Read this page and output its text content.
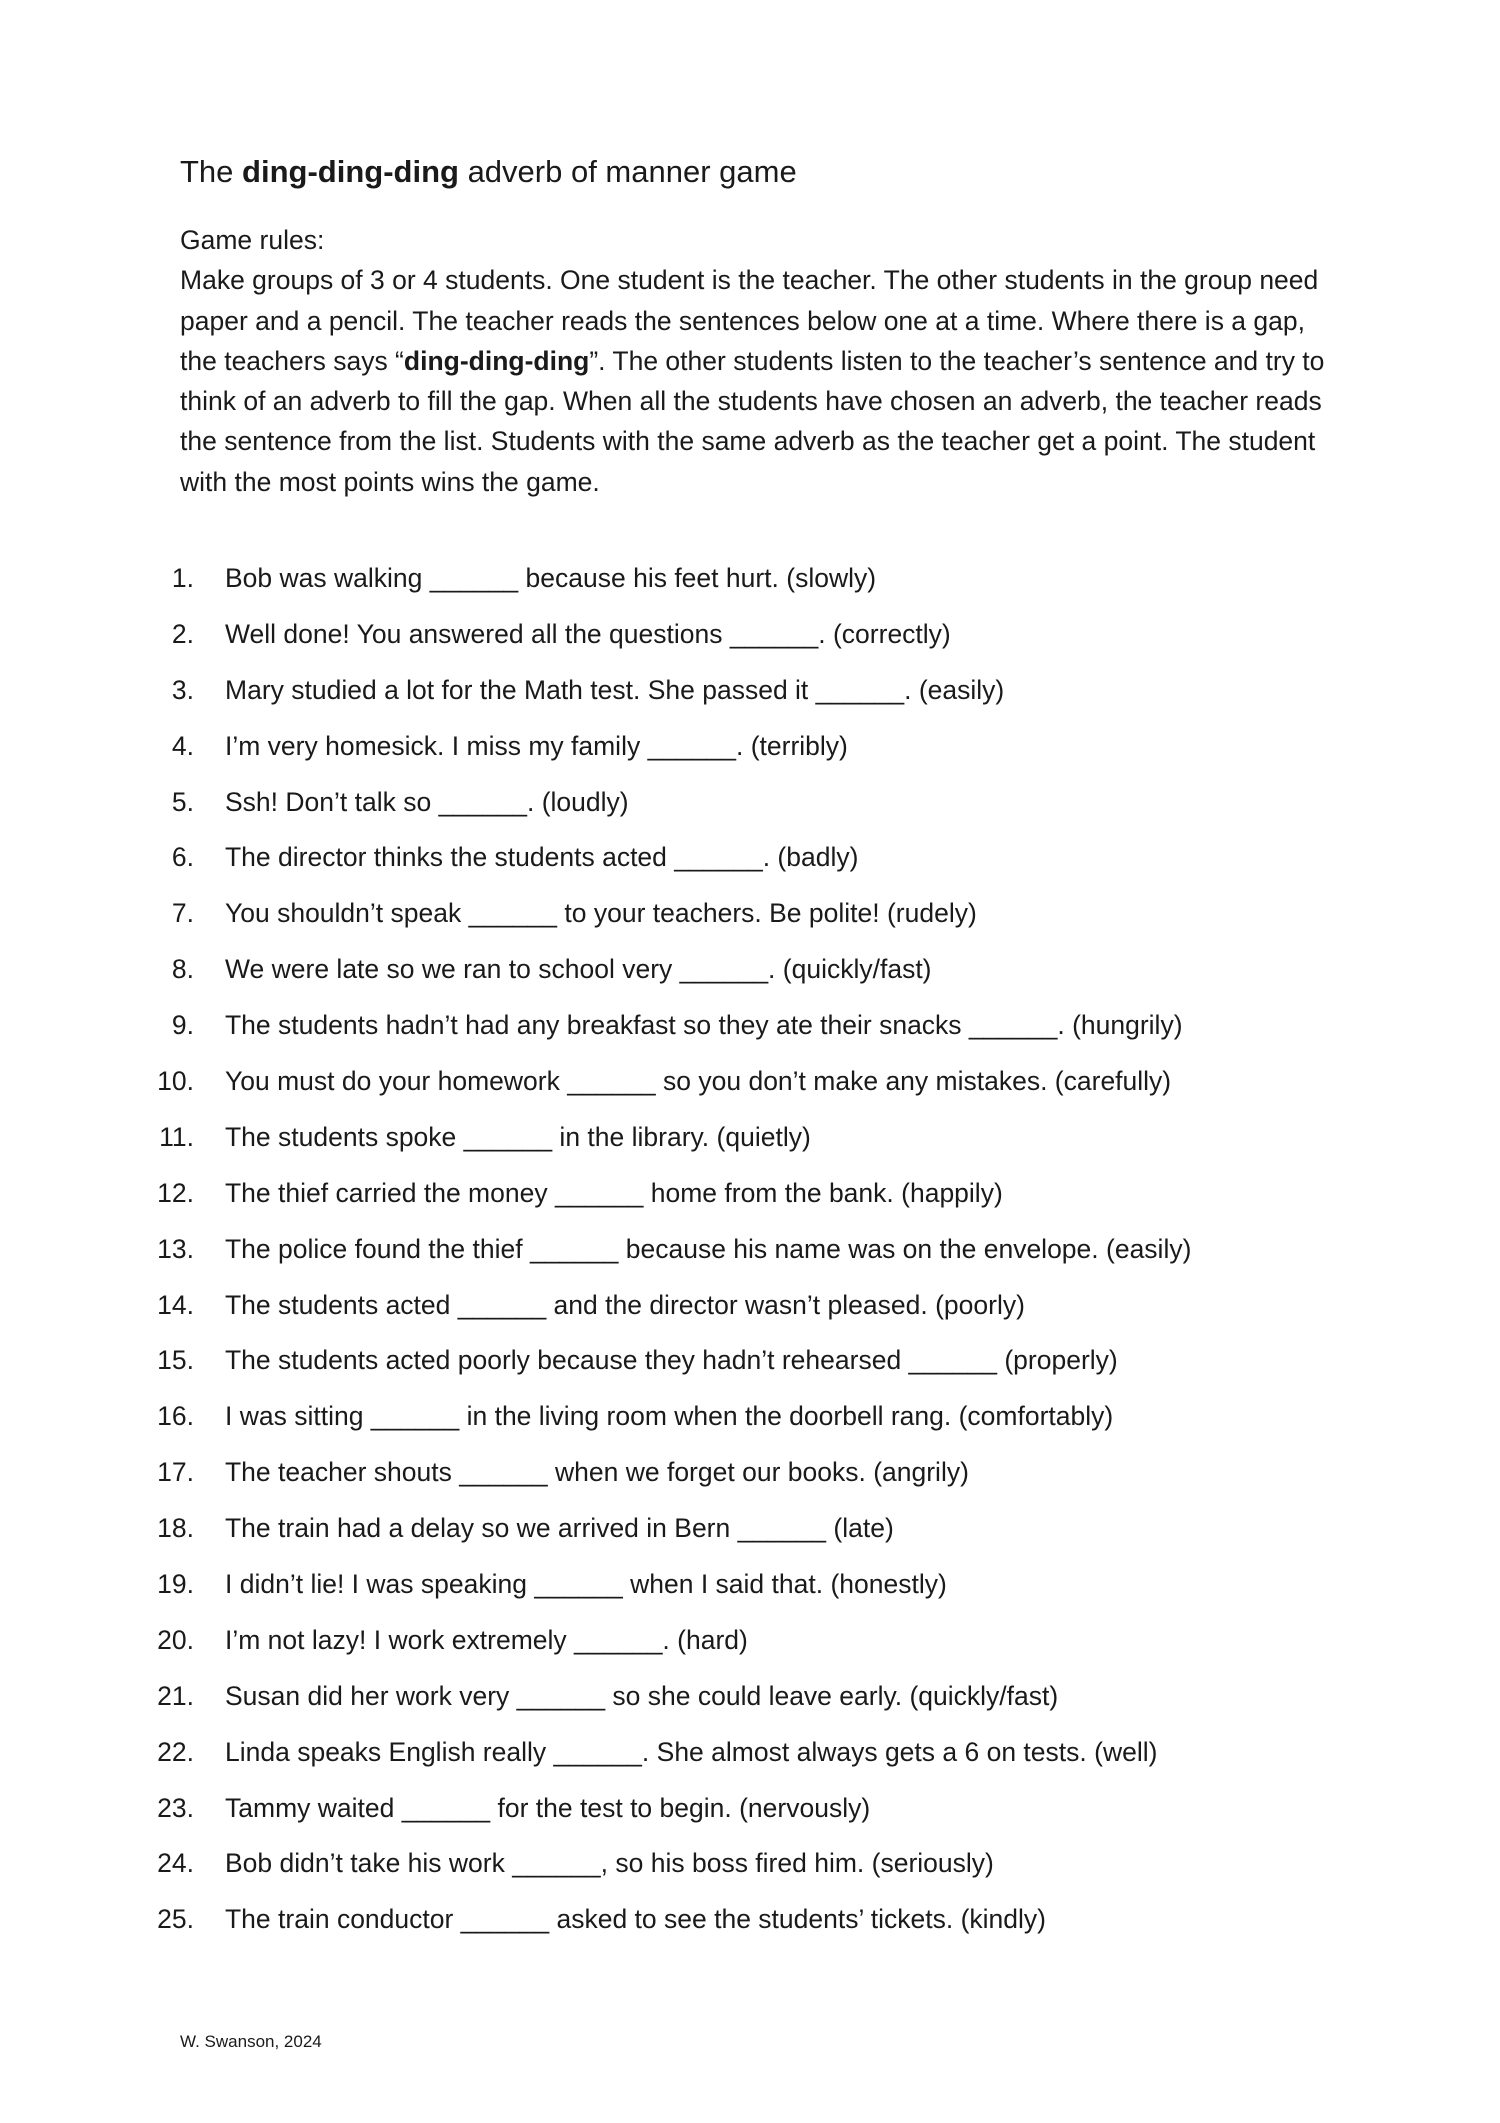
The ding-ding-ding adverb of manner game

Game rules:

Make groups of 3 or 4 students. One student is the teacher. The other students in the group need paper and a pencil. The teacher reads the sentences below one at a time. Where there is a gap, the teachers says “ding-ding-ding”. The other students listen to the teacher’s sentence and try to think of an adverb to fill the gap. When all the students have chosen an adverb, the teacher reads the sentence from the list. Students with the same adverb as the teacher get a point. The student with the most points wins the game.

1. Bob was walking ______ because his feet hurt. (slowly)
2. Well done! You answered all the questions ______. (correctly)
3. Mary studied a lot for the Math test. She passed it ______. (easily)
4. I’m very homesick. I miss my family ______. (terribly)
5. Ssh! Don’t talk so ______. (loudly)
6. The director thinks the students acted ______. (badly)
7. You shouldn’t speak ______ to your teachers. Be polite! (rudely)
8. We were late so we ran to school very ______. (quickly/fast)
9. The students hadn’t had any breakfast so they ate their snacks ______. (hungrily)
10. You must do your homework ______ so you don’t make any mistakes. (carefully)
11. The students spoke ______ in the library. (quietly)
12. The thief carried the money ______ home from the bank. (happily)
13. The police found the thief ______ because his name was on the envelope. (easily)
14. The students acted ______ and the director wasn’t pleased. (poorly)
15. The students acted poorly because they hadn’t rehearsed ______ (properly)
16. I was sitting ______ in the living room when the doorbell rang. (comfortably)
17. The teacher shouts ______ when we forget our books. (angrily)
18. The train had a delay so we arrived in Bern ______ (late)
19. I didn’t lie! I was speaking ______ when I said that. (honestly)
20. I’m not lazy! I work extremely ______. (hard)
21. Susan did her work very ______ so she could leave early. (quickly/fast)
22. Linda speaks English really ______. She almost always gets a 6 on tests. (well)
23. Tammy waited ______ for the test to begin. (nervously)
24. Bob didn’t take his work ______, so his boss fired him. (seriously)
25. The train conductor ______ asked to see the students’ tickets. (kindly)
W. Swanson, 2024
